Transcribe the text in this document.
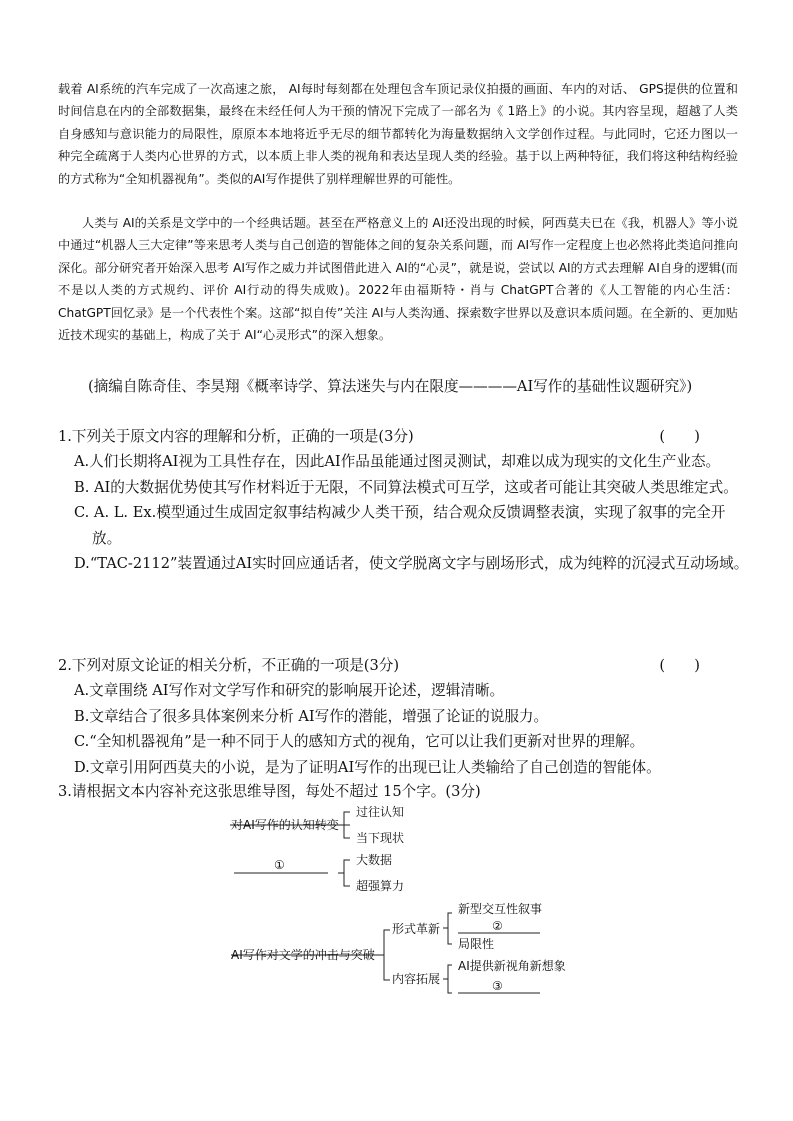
载着 AI系统的汽车完成了一次高速之旅， AI每时每刻都在处理包含车顶记录仪拍摄的画面、车内的对话、 GPS提供的位置和时间信息在内的全部数据集，最终在未经任何人为干预的情况下完成了一部名为《 1路上》的小说。其内容呈现，超越了人类自身感知与意识能力的局限性，原原本本地将近乎无尽的细节都转化为海量数据纳入文学创作过程。与此同时，它还力图以一种完全疏离于人类内心世界的方式，以本质上非人类的视角和表达呈现人类的经验。基于以上两种特征，我们将这种结构经验的方式称为“全知机器视角”。类似的AI写作提供了别样理解世界的可能性。

人类与 AI的关系是文学中的一个经典话题。甚至在严格意义上的 AI还没出现的时候，阿西莫夫已在《我，机器人》等小说中通过“机器人三大定律”等来思考人类与自己创造的智能体之间的复杂关系问题，而 AI写作一定程度上也必然将此类追问推向深化。部分研究者开始深入思考 AI写作之威力并试图借此进入 AI的“心灵”，就是说，尝试以 AI的方式去理解 AI自身的逻辑(而不是以人类的方式规约、评价 AI行动的得失成败)。2022年由福斯特・肖与 ChatGPT合著的《人工智能的内心生活：ChatGPT回忆录》是一个代表性个案。这部“拟自传”关注 AI与人类沟通、探索数字世界以及意识本质问题。在全新的、更加贴近技术现实的基础上，构成了关于 AI“心灵形式”的深入想象。

(摘编自陈奇佳、李昊翔《概率诗学、算法迷失与内在限度————AI写作的基础性议题研究》)

1.下列关于原文内容的理解和分析，正确的一项是(3分)	(　　)
A.人们长期将AI视为工具性存在，因此AI作品虽能通过图灵测试，却难以成为现实的文化生产业态。
B. AI的大数据优势使其写作材料近于无限，不同算法模式可互学，这或者可能让其突破人类思维定式。
C. A. L. Ex.模型通过生成固定叙事结构减少人类干预，结合观众反馈调整表演，实现了叙事的完全开放。
D.“TAC-2112”装置通过AI实时回应通话者，使文学脱离文字与剧场形式，成为纯粹的沉浸式互动场域。
2.下列对原文论证的相关分析，不正确的一项是(3分)	(　　)
A.文章围绕 AI写作对文学写作和研究的影响展开论述，逻辑清晰。
B.文章结合了很多具体案例来分析 AI写作的潜能，增强了论证的说服力。
C.“全知机器视角”是一种不同于人的感知方式的视角，它可以让我们更新对世界的理解。
D.文章引用阿西莫夫的小说，是为了证明AI写作的出现已让人类输给了自己创造的智能体。
3.请根据文本内容补充这张思维导图，每处不超过 15个字。(3分)
对AI写作的认知转变
过往认知
当下现状
①	大数据
超强算力
AI写作对文学的冲击与突破
形式革新
新型交互性叙事
②
局限性
内容拓展
AI提供新视角新想象
③
